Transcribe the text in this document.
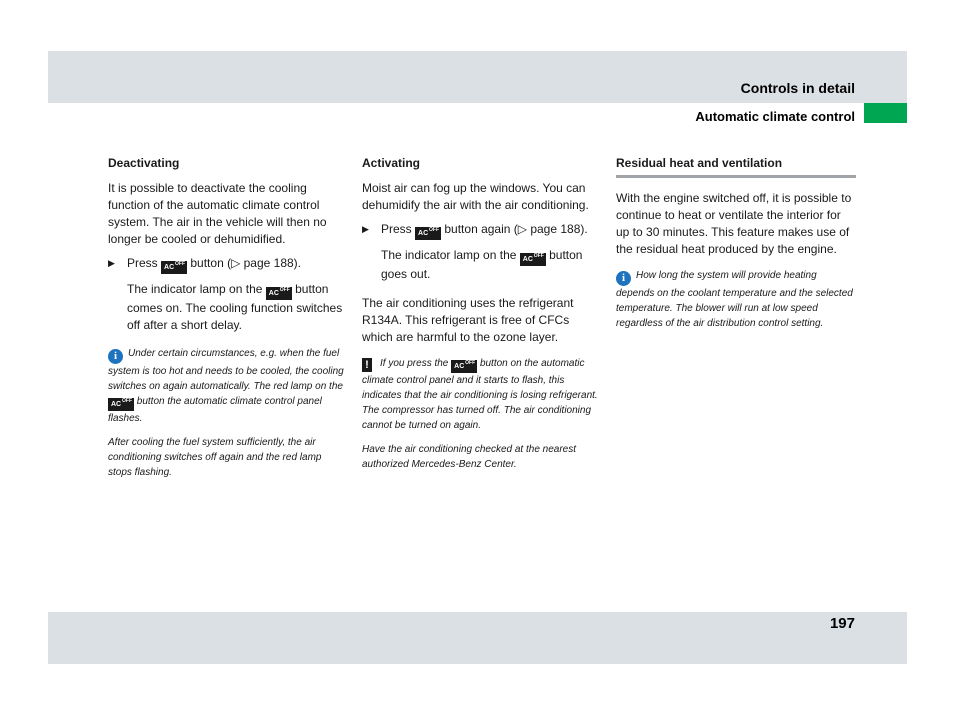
Controls in detail
Automatic climate control
Deactivating
It is possible to deactivate the cooling function of the automatic climate control system. The air in the vehicle will then no longer be cooled or dehumidified.
▶	Press AC OFF button (▷ page 188).
The indicator lamp on the AC OFF button comes on. The cooling function switches off after a short delay.
i Under certain circumstances, e.g. when the fuel system is too hot and needs to be cooled, the cooling switches on again automatically. The red lamp on the AC OFF button the automatic climate control panel flashes.
After cooling the fuel system sufficiently, the air conditioning switches off again and the red lamp stops flashing.
Activating
Moist air can fog up the windows. You can dehumidify the air with the air conditioning.
▶	Press AC OFF button again (▷ page 188).
The indicator lamp on the AC OFF button goes out.
The air conditioning uses the refrigerant R134A. This refrigerant is free of CFCs which are harmful to the ozone layer.
! If you press the AC OFF button on the automatic climate control panel and it starts to flash, this indicates that the air conditioning is losing refrigerant. The compressor has turned off. The air conditioning cannot be turned on again.
Have the air conditioning checked at the nearest authorized Mercedes-Benz Center.
Residual heat and ventilation
With the engine switched off, it is possible to continue to heat or ventilate the interior for up to 30 minutes. This feature makes use of the residual heat produced by the engine.
i How long the system will provide heating depends on the coolant temperature and the selected temperature. The blower will run at low speed regardless of the air distribution control setting.
197
